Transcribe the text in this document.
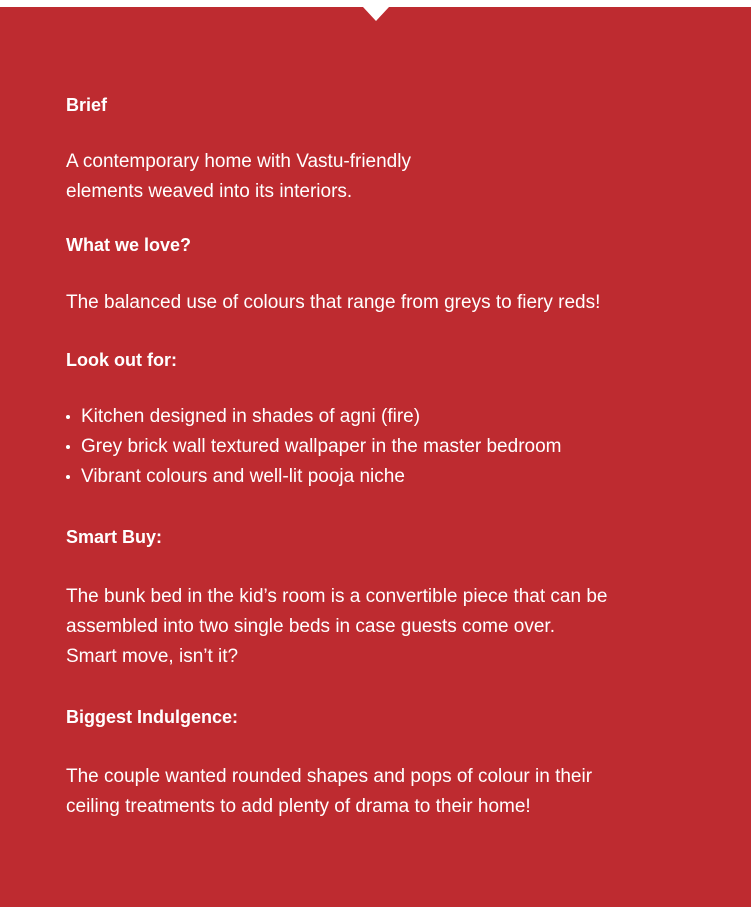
Brief
A contemporary home with Vastu-friendly
elements weaved into its interiors.
What we love?
The balanced use of colours that range from greys to fiery reds!
Look out for:
Kitchen designed in shades of agni (fire)
Grey brick wall textured wallpaper in the master bedroom
Vibrant colours and well-lit pooja niche
Smart Buy:
The bunk bed in the kid’s room is a convertible piece that can be
assembled into two single beds in case guests come over.
Smart move, isn’t it?
Biggest Indulgence:
The couple wanted rounded shapes and pops of colour in their
ceiling treatments to add plenty of drama to their home!
